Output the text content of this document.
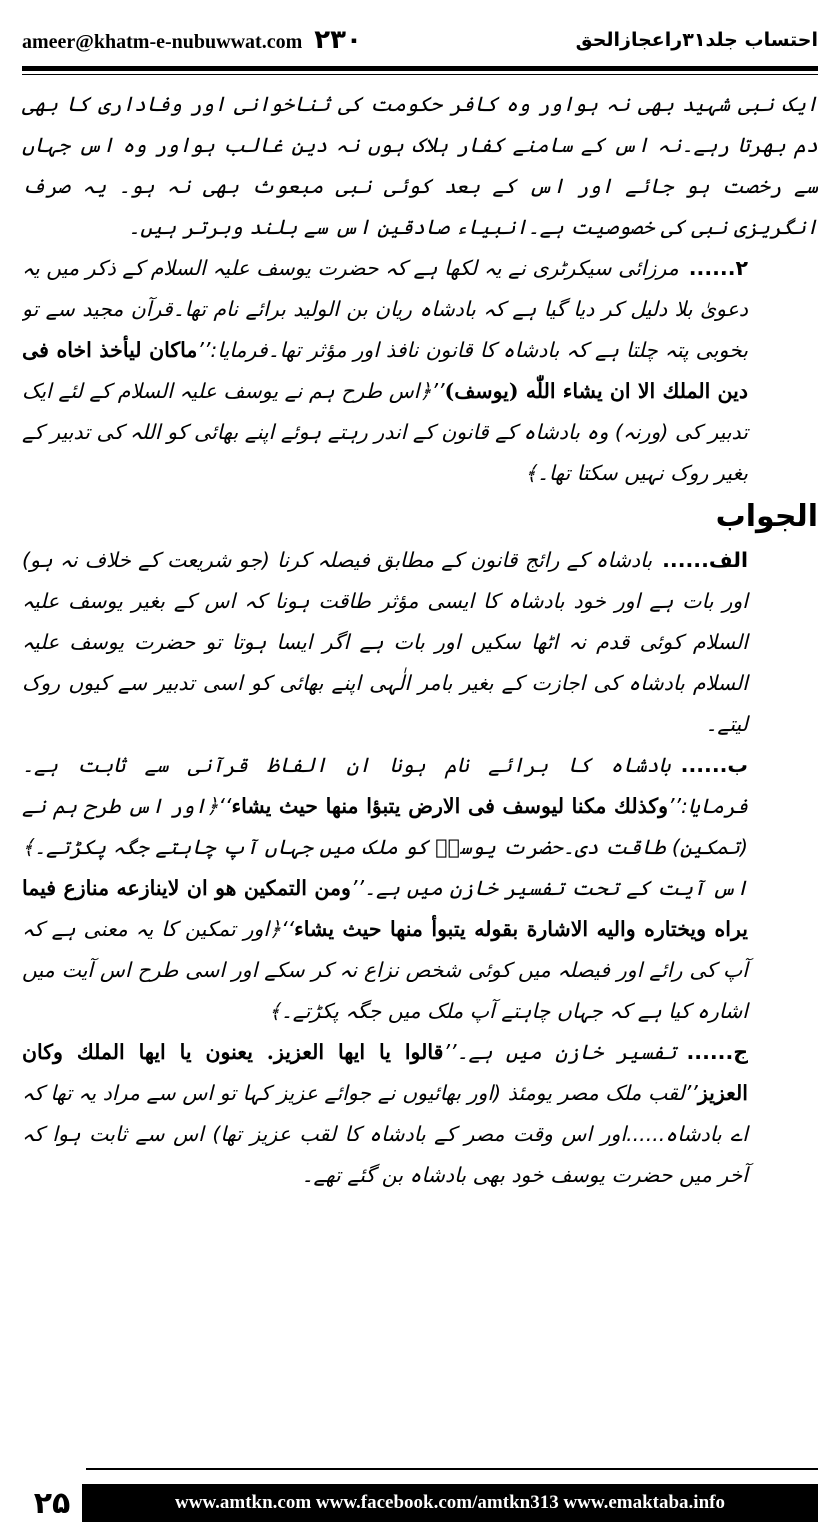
ameer@khatm-e-nubuwwat.com ٢٣٠	احتساب جلد۳۱راعجازالحق

ایک نبی شہید بھی نہ ہواور وہ کافر حکومت کی ثناخوانی اور وفاداری کا بھی دم بھرتا رہے۔نہ اس کے سامنے کفار ہلاک ہوں نہ دین غالب ہواور وہ اس جہاں سے رخصت ہو جائے اور اس کے بعد کوئی نبی مبعوث بھی نہ ہو۔ یہ صرف انگریزی نبی کی خصوصیت ہے۔انبیاء صادقین اس سے بلند وبرتر ہیں۔

۲......مرزائی سیکرٹری نے یہ لکھا ہے کہ حضرت یوسف علیہ السلام کے ذکر میں یہ دعویٰ بلا دلیل کر دیا گیا ہے کہ بادشاہ ریان بن الولید برائے نام تھا۔قرآن مجید سے تو بخوبی پتہ چلتا ہے کہ بادشاہ کا قانون نافذ اور مؤثر تھا۔فرمایا:’’ماکان لیأخذ اخاه فی دین الملك الا ان یشاء اللّٰه (یوسف)’’﴿اس طرح ہم نے یوسف علیہ السلام کے لئے ایک تدبیر کی (ورنہ) وہ بادشاہ کے قانون کے اندر رہتے ہوئے اپنے بھائی کو اللہ کی تدبیر کے بغیر روک نہیں سکتا تھا۔﴾

الجواب

الف......بادشاہ کے رائج قانون کے مطابق فیصلہ کرنا (جو شریعت کے خلاف نہ ہو) اور بات ہے اور خود بادشاہ کا ایسی مؤثر طاقت ہونا کہ اس کے بغیر یوسف علیہ السلام کوئی قدم نہ اٹھا سکیں اور بات ہے اگر ایسا ہوتا تو حضرت یوسف علیہ السلام بادشاہ کی اجازت کے بغیر بامر الٰہی اپنے بھائی کو اسی تدبیر سے کیوں روک لیتے۔

ب......بادشاہ کا برائے نام ہونا ان الفاظ قرآنی سے ثابت ہے۔فرمایا:’’وکذلك مکنا لیوسف فی الارض یتبؤا منها حیث یشاء‘‘﴿اور اس طرح ہم نے (تمکین) طاقت دی۔حضرت یوسفؑ کو ملک میں جہاں آپ چاہتے جگہ پکڑتے۔﴾اس آیت کے تحت تفسیر خازن میں ہے۔’’ومن التمکین هو ان لاینازعه منازع فیما یراه ویختاره والیه الاشارة بقوله یتبوأ منها حیث یشاء‘‘﴿اور تمکین کا یہ معنی ہے کہ آپ کی رائے اور فیصلہ میں کوئی شخص نزاع نہ کر سکے اور اسی طرح اس آیت میں اشارہ کیا ہے کہ جہاں چاہتے آپ ملک میں جگہ پکڑتے۔﴾

ج......تفسیر خازن میں ہے۔’’قالوا یا ایها العزیز. یعنون یا ایها الملك وکان العزیز’’لقب ملک مصر یومئذ (اور بھائیوں نے جوائے عزیز کہا تو اس سے مراد یہ تھا کہ اے بادشاہ......اور اس وقت مصر کے بادشاہ کا لقب عزیز تھا) اس سے ثابت ہوا کہ آخر میں حضرت یوسف خود بھی بادشاہ بن گئے تھے۔

۲۵	www.amtkn.com www.facebook.com/amtkn313 www.emaktaba.info
